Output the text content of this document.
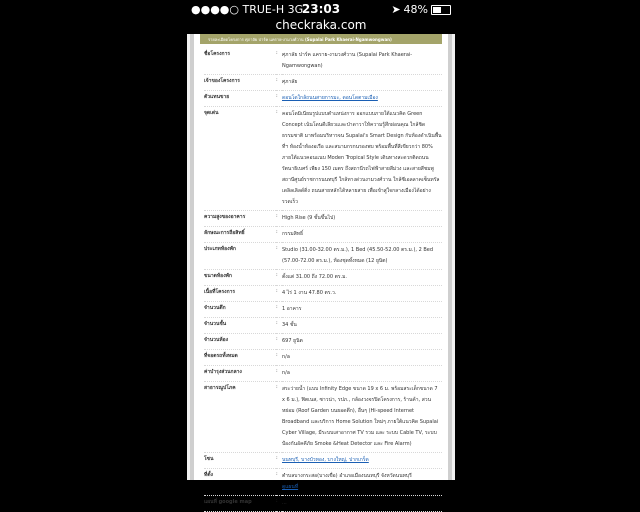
●●●●○ TRUE-H 3G
23:03	➤ 48%
checkraka.com
รายละเอียดโครงการ ศุภาลัย ปาร์ค แคราย-งามวงศ์วาน (Supalai Park Khaerai-Ngamwongwan)
ชื่อโครงการ	:	ศุภาลัย ปาร์ค แคราย-งามวงศ์วาน (Supalai Park Khaerai-Ngamwongwan)
เจ้าของโครงการ	:	ศุภาลัย
ตัวแทนขาย	:	ดอนโดใกล้ถนนสายการมะ, ดอนโดตามเมือง
จุดเด่น	:	คอนโดมิเนียมรูปแบบตำแหน่งการ ออกแบบภายใต้แนวคิด Green Concept เน้นโดนดีเลียวแเละป่าดาวาให้ความรู้สึกผ่อนคุณ ใกล้ชิดธรรมชาติ มาพร้อมบริหารจน Supalai's Smart Design กับห้องดำเนินพื้นที่ฯ ห้องน้ำห้องอเรือ และสนามกรกนรองพบ พร้อมพื้นที่สีเขียวกว่า 80% ภายใต้แนวคอนแนบ Moden Tropical Style เดินทางสะดวกติดถนนรัตนาธิเบศร์ เพียง 150 เมตร ถึงสถานีรถไฟฟ้าสายสีม่วง และสายสีชมพู สถานีศูนย์ราชการนนทบุรี ใกล้ทางด่วนงามวงศ์วาน ใกล้ซีเอลลาคเซ็นทรัลเดลิลเลิลด์ดิ่ง ถนนสายหลักได้หลายสาย เพื่อเข้าสู่ใจกลางเมืองได้อย่างรวดเร็ว
ความสูงของอาคาร	:	High Rise (9 ชั้นขึ้นไป)
ลักษณะการถือสิทธิ์	:	กรรมสิทธิ์
ประเภทห้องพัก	:	Studio (31.00-32.00 ตร.ม.), 1 Bed (45.50-52.00 ตร.ม.), 2 Bed (57.00-72.00 ตร.ม.), ห้องชุดทั้งหมด (12 ยูนิต)
ขนาดห้องพัก	:	ตั้งแต่ 31.00 ถึง 72.00 ตร.ม.
เนื้อที่โครงการ	:	4 ไร่ 1 งาน 47.80 ตร.ว.
จำนวนตึก	:	1 อาคาร
จำนวนชั้น	:	34 ชั้น
จำนวนห้อง	:	697 ยูนิต
ที่จอดรถทั้งหมด	:	n/a
ค่าบำรุงส่วนกลาง	:	n/a
สาธารณูปโภค	:	สระว่ายน้ำ (แบบ Infinity Edge ขนาด 19 x 6 ม. พร้อมสระเด็กขนาด 7 x 6 ม.), ฟิตเนส, ซาวน่า, รปภ., กล้องวงจรปิดโครงการ, ร้านค้า, สวนหย่อม (Roof Garden บนยอดตึก), อื่นๆ (Hi-speed Internet Broadband และบริการ Home Solution ใหม่ๆ ภายใต้แนวคิด Supalai Cyber Village, มีระบบเสาอากาศ TV รวม และ ระบบ Cable TV, ระบบป้องกันอัคคีภัย Smoke &Heat Detector และ Fire Alarm)
โซน	:	นนทบุรี, บางบัวทอง, บางใหญ่, ปากเกร็ด
ที่ตั้ง	:	ตำบลบางกระสอ(บางเขื่อ) อำเภอเมืองนนทบุรี จังหวัดนนทบุรี
ดูแผนที่
แผนที่ google map	:	...
